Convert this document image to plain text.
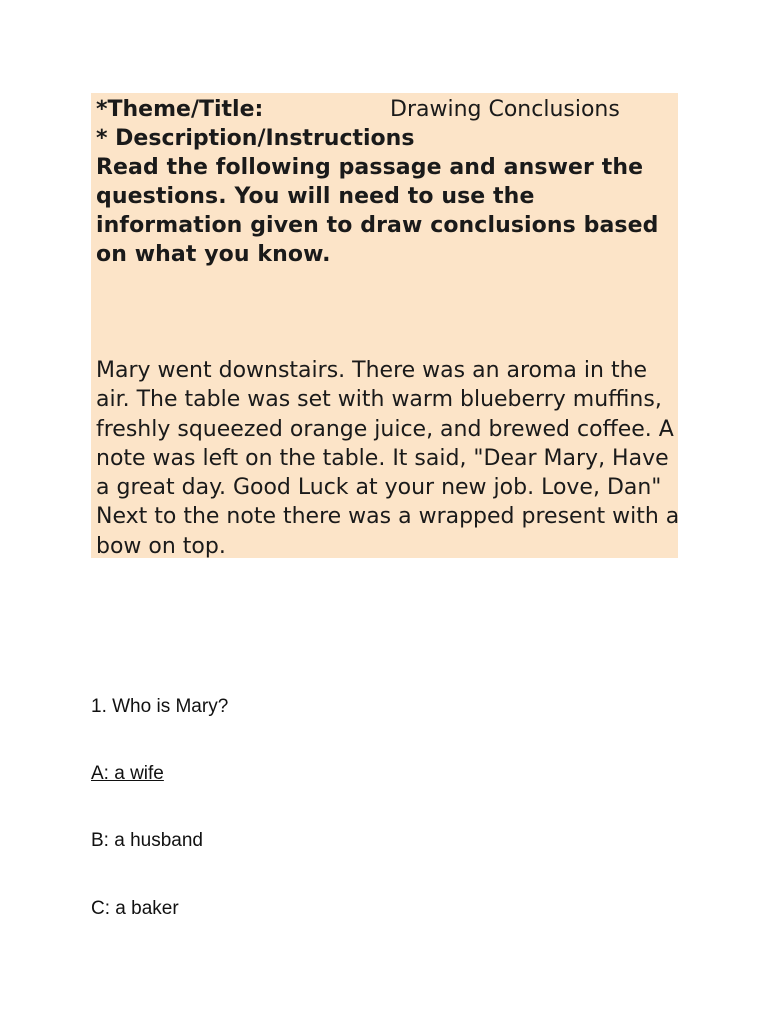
*Theme/Title:	Drawing Conclusions
* Description/Instructions
Read the following passage and answer the questions. You will need to use the information given to draw conclusions based on what you know.
Mary went downstairs. There was an aroma in the air. The table was set with warm blueberry muffins, freshly squeezed orange juice, and brewed coffee. A note was left on the table. It said, "Dear Mary, Have a great day. Good Luck at your new job. Love, Dan" Next to the note there was a wrapped present with a bow on top.
1. Who is Mary?
A: a wife
B: a husband
C: a baker
